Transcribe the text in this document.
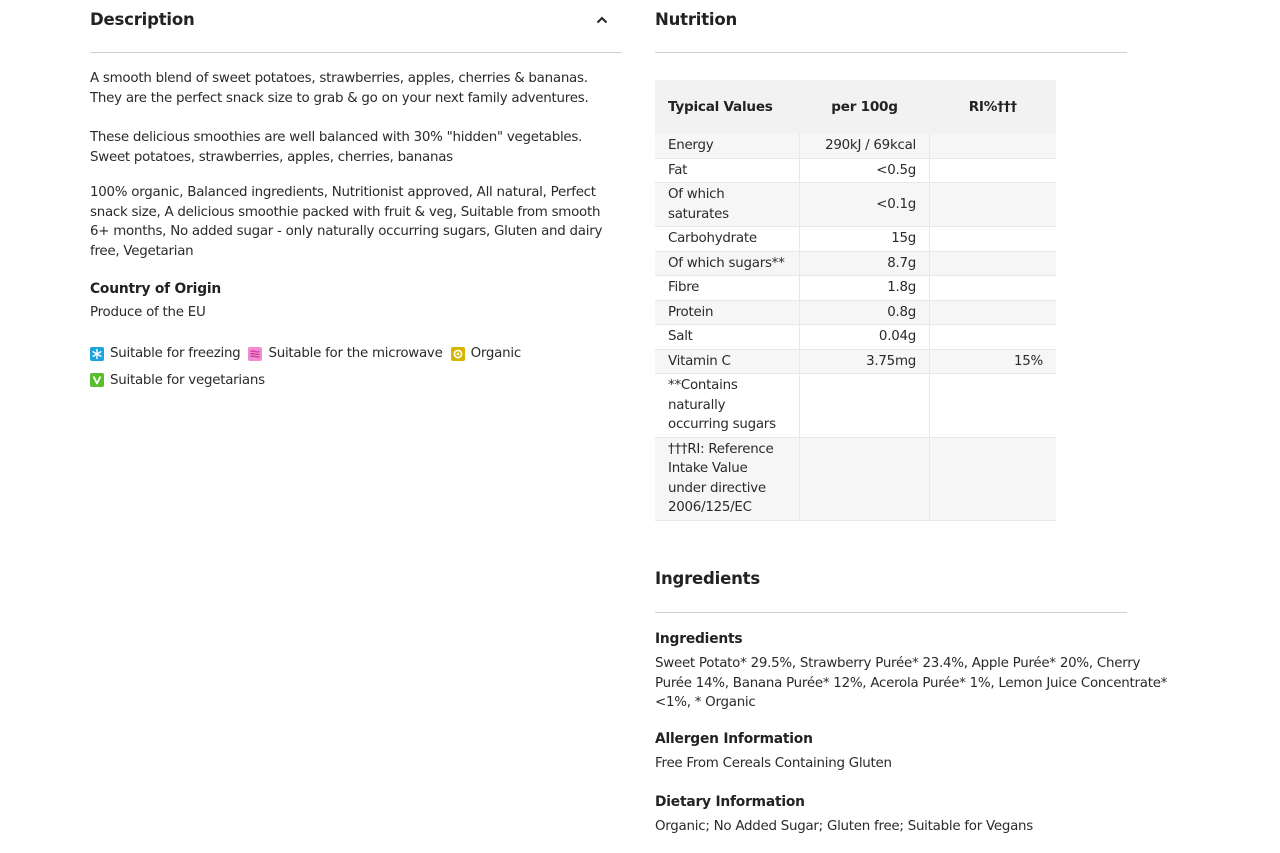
Description

A smooth blend of sweet potatoes, strawberries, apples, cherries & bananas. They are the perfect snack size to grab & go on your next family adventures.

These delicious smoothies are well balanced with 30% "hidden" vegetables. Sweet potatoes, strawberries, apples, cherries, bananas

100% organic, Balanced ingredients, Nutritionist approved, All natural, Perfect snack size, A delicious smoothie packed with fruit & veg, Suitable from smooth 6+ months, No added sugar - only naturally occurring sugars, Gluten and dairy free, Vegetarian

Country of Origin
Produce of the EU
Suitable for freezing
Suitable for the microwave
Organic

Suitable for vegetarians
Nutrition
Typical Values	per 100g	RI%†††
Energy	290kJ / 69kcal	
Fat	<0.5g	
Of which saturates	<0.1g	
Carbohydrate	15g	
Of which sugars**	8.7g	
Fibre	1.8g	
Protein	0.8g	
Salt	0.04g	
Vitamin C	3.75mg	15%
**Contains naturally occurring sugars		
†††RI: Reference Intake Value under directive 2006/125/EC		
Ingredients
Ingredients
Sweet Potato* 29.5%, Strawberry Purée* 23.4%, Apple Purée* 20%, Cherry Purée 14%, Banana Purée* 12%, Acerola Purée* 1%, Lemon Juice Concentrate* <1%, * Organic
Allergen Information
Free From Cereals Containing Gluten
Dietary Information
Organic; No Added Sugar; Gluten free; Suitable for Vegans
